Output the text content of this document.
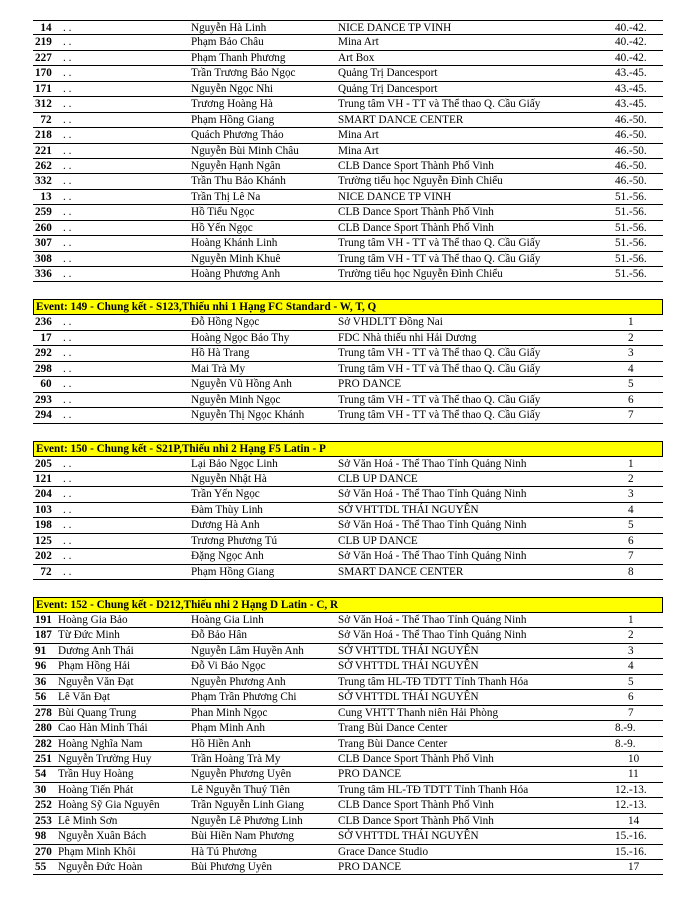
14	. .	Nguyễn Hà Linh	NICE DANCE TP VINH	40.-42.
219	. .	Phạm Bảo Châu	Mina Art	40.-42.
227	. .	Phạm Thanh Phương	Art Box	40.-42.
170	. .	Trần Trương Bảo Ngọc	Quảng Trị Dancesport	43.-45.
171	. .	Nguyễn Ngọc Nhi	Quảng Trị Dancesport	43.-45.
312	. .	Trương Hoàng Hà	Trung tâm VH - TT và Thể thao Q. Cầu Giấy	43.-45.
72	. .	Phạm Hồng Giang	SMART DANCE CENTER	46.-50.
218	. .	Quách Phương Thảo	Mina Art	46.-50.
221	. .	Nguyễn Bùi Minh Châu	Mina Art	46.-50.
262	. .	Nguyễn Hạnh Ngân	CLB Dance Sport Thành Phố Vinh	46.-50.
332	. .	Trần Thu Bảo Khánh	Trường tiểu học Nguyễn Đình Chiểu	46.-50.
13	. .	Trần Thị Lê Na	NICE DANCE TP VINH	51.-56.
259	. .	Hồ Tiểu Ngọc	CLB Dance Sport Thành Phố Vinh	51.-56.
260	. .	Hồ Yến Ngọc	CLB Dance Sport Thành Phố Vinh	51.-56.
307	. .	Hoàng Khánh Linh	Trung tâm VH - TT và Thể thao Q. Cầu Giấy	51.-56.
308	. .	Nguyễn Minh Khuê	Trung tâm VH - TT và Thể thao Q. Cầu Giấy	51.-56.
336	. .	Hoàng Phương Anh	Trường tiểu học Nguyễn Đình Chiểu	51.-56.
Event: 149 - Chung kết - S123,Thiếu nhi 1 Hạng FC Standard - W, T, Q
236	. .	Đỗ Hồng Ngọc	Sở VHDLTT Đồng Nai	1
17	. .	Hoàng Ngọc Bảo Thy	FDC Nhà thiếu nhi Hải Dương	2
292	. .	Hồ Hà Trang	Trung tâm VH - TT và Thể thao Q. Cầu Giấy	3
298	. .	Mai Trà My	Trung tâm VH - TT và Thể thao Q. Cầu Giấy	4
60	. .	Nguyễn Vũ Hồng Anh	PRO DANCE	5
293	. .	Nguyễn Minh Ngọc	Trung tâm VH - TT và Thể thao Q. Cầu Giấy	6
294	. .	Nguyễn Thị Ngọc Khánh	Trung tâm VH - TT và Thể thao Q. Cầu Giấy	7
Event: 150 - Chung kết - S21P,Thiếu nhi 2 Hạng F5 Latin - P
205	. .	Lại Bảo Ngọc Linh	Sở Văn Hoá - Thể Thao Tỉnh Quảng Ninh	1
121	. .	Nguyễn Nhật Hà	CLB UP DANCE	2
204	. .	Trần Yến Ngọc	Sở Văn Hoá - Thể Thao Tỉnh Quảng Ninh	3
103	. .	Đàm Thùy Linh	SỞ VHTTDL THÁI NGUYÊN	4
198	. .	Dương Hà Anh	Sở Văn Hoá - Thể Thao Tỉnh Quảng Ninh	5
125	. .	Trương Phương Tú	CLB UP DANCE	6
202	. .	Đặng Ngọc Anh	Sở Văn Hoá - Thể Thao Tỉnh Quảng Ninh	7
72	. .	Phạm Hồng Giang	SMART DANCE CENTER	8
Event: 152 - Chung kết - D212,Thiếu nhi 2 Hạng D Latin - C, R
191 Hoàng Gia Bảo	Hoàng Gia Linh	Sở Văn Hoá - Thể Thao Tỉnh Quảng Ninh	1
187 Từ Đức Minh	Đỗ Bảo Hân	Sở Văn Hoá - Thể Thao Tỉnh Quảng Ninh	2
91	Dương Anh Thái	Nguyễn Lâm Huyền Anh	SỞ VHTTDL THÁI NGUYÊN	3
96	Phạm Hồng Hải	Đỗ Vi Bảo Ngọc	SỞ VHTTDL THÁI NGUYÊN	4
36	Nguyễn Văn Đạt	Nguyễn Phương Anh	Trung tâm HL-TĐ TDTT Tỉnh Thanh Hóa	5
56	Lê Văn Đạt	Phạm Trần Phương Chi	SỞ VHTTDL THÁI NGUYÊN	6
278 Bùi Quang Trung	Phan Minh Ngọc	Cung VHTT Thanh niên Hải Phòng	7
280 Cao Hàn Minh Thái	Phạm Minh Anh	Trang Bùi Dance Center	8.-9.
282 Hoàng Nghĩa Nam	Hồ Hiền Anh	Trang Bùi Dance Center	8.-9.
251 Nguyễn Trường Huy	Trần Hoàng Trà My	CLB Dance Sport Thành Phố Vinh	10
54	Trần Huy Hoàng	Nguyễn Phương Uyên	PRO DANCE	11
30	Hoàng Tiến Phát	Lê Nguyễn Thuý Tiên	Trung tâm HL-TĐ TDTT Tỉnh Thanh Hóa	12.-13.
252 Hoàng Sỹ Gia Nguyên	Trần Nguyễn Linh Giang	CLB Dance Sport Thành Phố Vinh	12.-13.
253 Lê Minh Sơn	Nguyễn Lê Phương Linh	CLB Dance Sport Thành Phố Vinh	14
98	Nguyễn Xuân Bách	Bùi Hiền Nam Phương	SỞ VHTTDL THÁI NGUYÊN	15.-16.
270 Phạm Minh Khôi	Hà Tú Phương	Grace Dance Studio	15.-16.
55	Nguyễn Đức Hoàn	Bùi Phương Uyên	PRO DANCE	17
